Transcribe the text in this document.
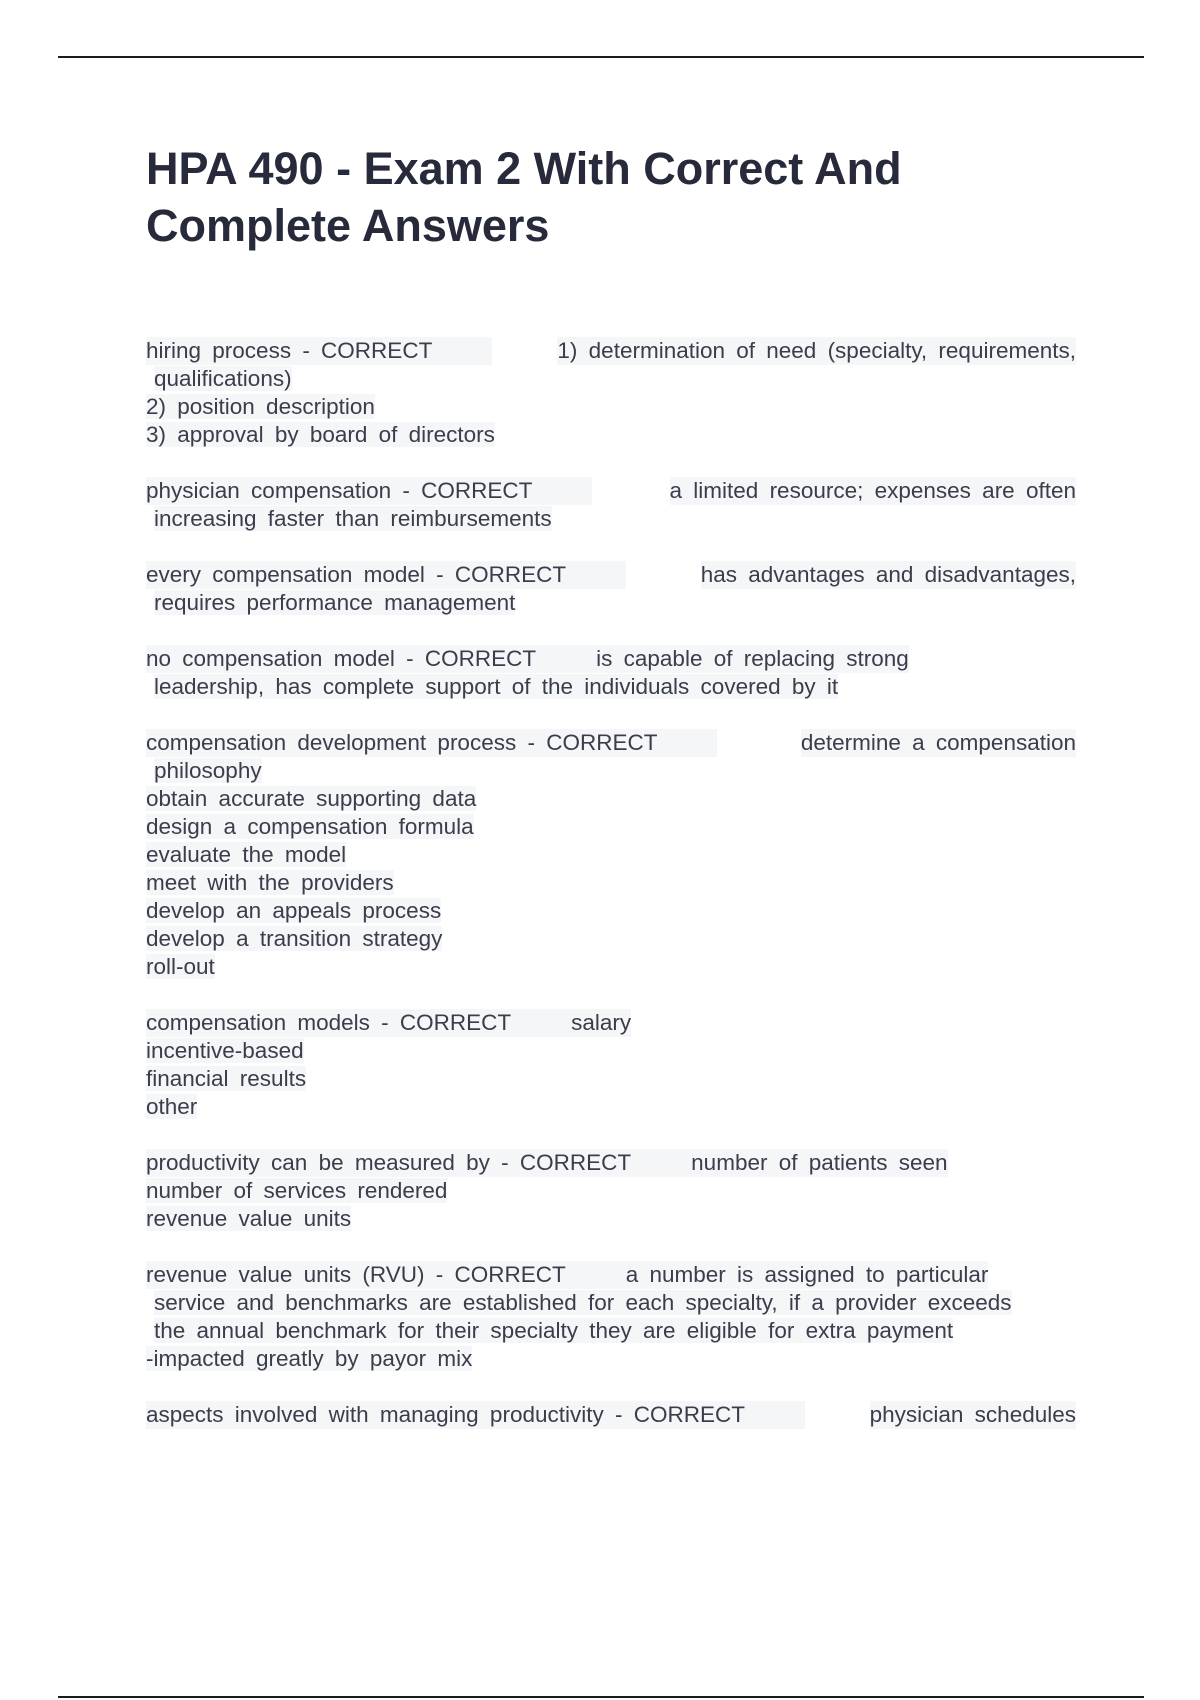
HPA 490 - Exam 2 With Correct And
Complete Answers
hiring process - CORRECT
	1) determination of need (specialty, requirements,
qualifications)
2) position description
3) approval by board of directors
physician compensation - CORRECT
	a limited resource; expenses are often
increasing faster than reimbursements
every compensation model - CORRECT
	has advantages and disadvantages,
requires performance management
no compensation model - CORRECT
	is capable of replacing strong
leadership, has complete support of the individuals covered by it
compensation development process - CORRECT
	determine a compensation
philosophy
obtain accurate supporting data
design a compensation formula
evaluate the model
meet with the providers
develop an appeals process
develop a transition strategy
roll-out
compensation models - CORRECT
	salary
incentive-based
financial results
other
productivity can be measured by - CORRECT
	number of patients seen
number of services rendered
revenue value units
revenue value units (RVU) - CORRECT
	a number is assigned to particular
service and benchmarks are established for each specialty, if a provider exceeds
the annual benchmark for their specialty they are eligible for extra payment
-impacted greatly by payor mix
aspects involved with managing productivity - CORRECT
	physician schedules
